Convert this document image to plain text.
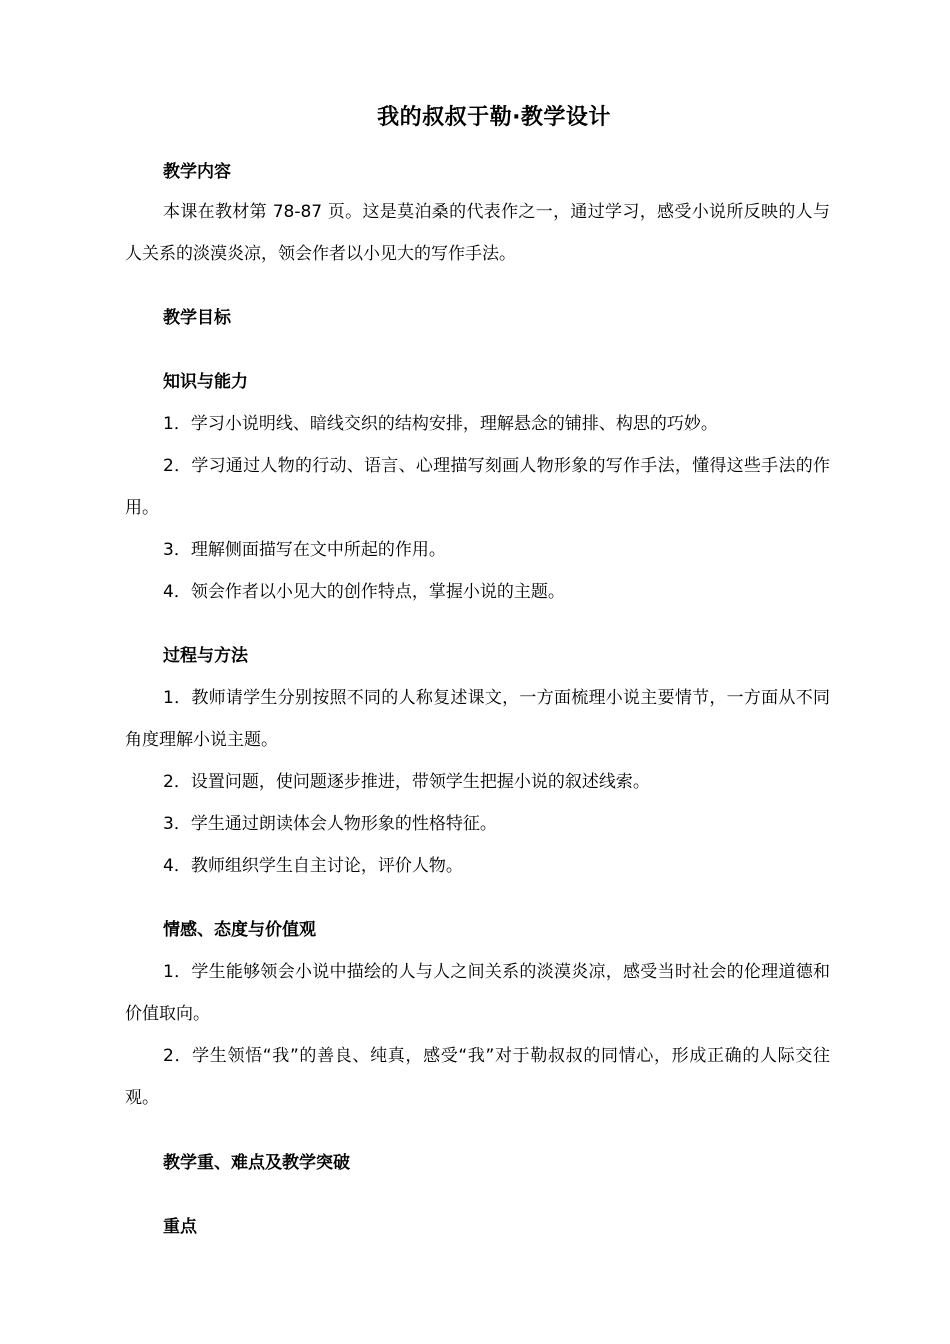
我的叔叔于勒·教学设计
教学内容
本课在教材第 78-87 页。这是莫泊桑的代表作之一，通过学习，感受小说所反映的人与人关系的淡漠炎凉，领会作者以小见大的写作手法。
教学目标
知识与能力
1．学习小说明线、暗线交织的结构安排，理解悬念的铺排、构思的巧妙。
2．学习通过人物的行动、语言、心理描写刻画人物形象的写作手法，懂得这些手法的作用。
3．理解侧面描写在文中所起的作用。
4．领会作者以小见大的创作特点，掌握小说的主题。
过程与方法
1．教师请学生分别按照不同的人称复述课文，一方面梳理小说主要情节，一方面从不同角度理解小说主题。
2．设置问题，使问题逐步推进，带领学生把握小说的叙述线索。
3．学生通过朗读体会人物形象的性格特征。
4．教师组织学生自主讨论，评价人物。
情感、态度与价值观
1．学生能够领会小说中描绘的人与人之间关系的淡漠炎凉，感受当时社会的伦理道德和价值取向。
2．学生领悟“我”的善良、纯真，感受“我”对于勒叔叔的同情心，形成正确的人际交往观。
教学重、难点及教学突破
重点
